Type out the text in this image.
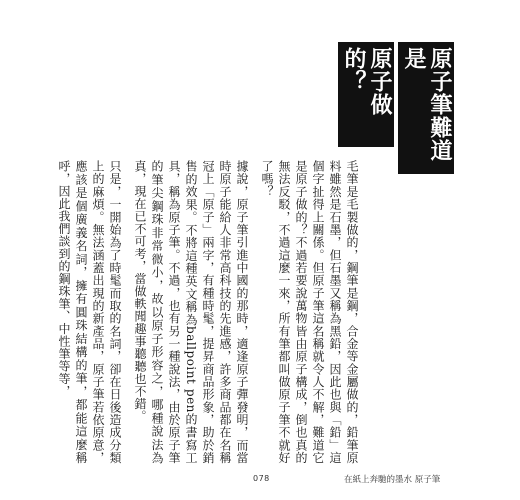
原子筆難道是
原子做的？

毛筆是毛製做的，鋼筆是鋼，合金等金屬做的，鉛筆原料雖然是石墨，但石墨又稱為黑鉛，因此也與「鉛」這個字扯得上關係。但原子筆這名稱就令人不解，難道它是原子做的？不過若要說萬物皆由原子構成，倒也真的無法反駁，不過這麼一來，所有筆都叫做原子筆不就好了嗎？

據說，原子筆引進中國的那時，適逢原子彈發明，而當時原子能給人非常高科技的先進感，許多商品都在名稱冠上「原子」兩字，有種時髦，提昇商品形象，助於銷售的效果。不將這種英文稱為ballpoint pen的書寫工具，稱為原子筆。不過，也有另一種說法，由於原子筆的筆尖鋼珠非常微小，故以原子形容之，哪種說法為真，現在已不可考，當做軼聞趣事聽聽也不錯。

只是，一開始為了時髦而取的名詞，卻在日後造成分類上的麻煩。無法涵蓋出現的新產品，原子筆若依原意，應該是個廣義名詞，擁有圓珠結構的筆，都能這麼稱呼，因此我們談到的鋼珠筆、中性筆等等，

078	在紙上奔馳的墨水 原子筆
